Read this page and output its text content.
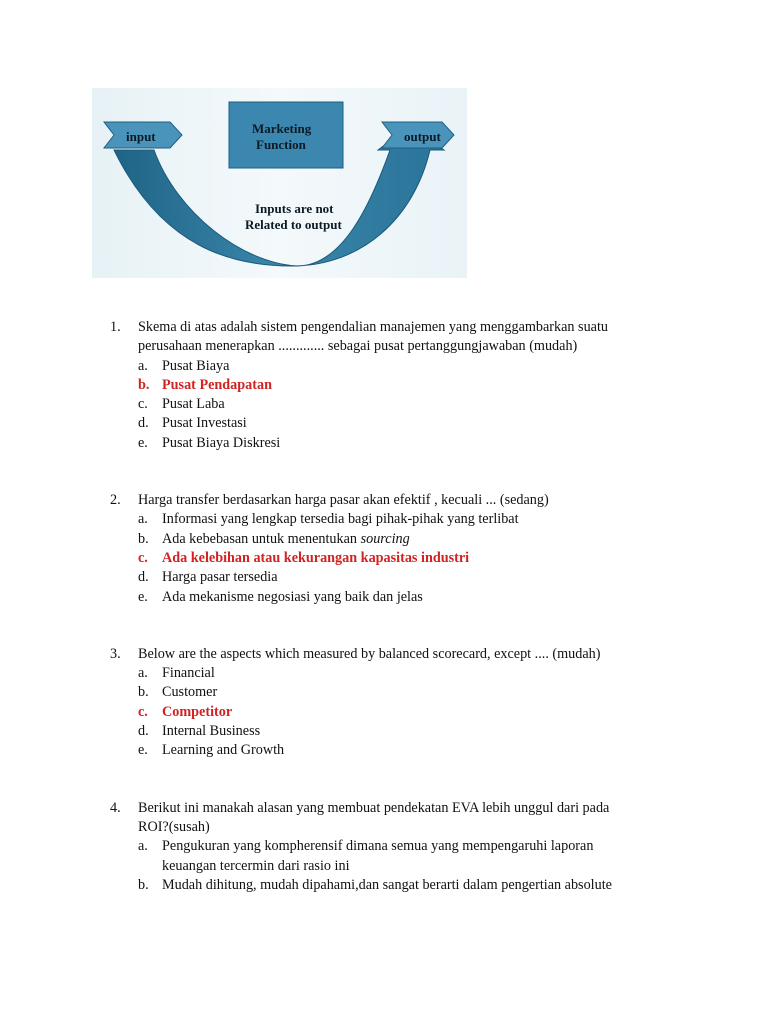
input	output
Marketing
Function
Inputs are not
Related to output
1.	Skema di atas adalah sistem pengendalian manajemen yang menggambarkan suatu
perusahaan menerapkan ............. sebagai pusat pertanggungjawaban (mudah)
a. Pusat Biaya
b. Pusat Pendapatan
c. Pusat Laba
d. Pusat Investasi
e. Pusat Biaya Diskresi
2.	Harga transfer berdasarkan harga pasar akan efektif , kecuali ... (sedang)
a. Informasi yang lengkap tersedia bagi pihak-pihak yang terlibat
b. Ada kebebasan untuk menentukan sourcing
c. Ada kelebihan atau kekurangan kapasitas industri
d. Harga pasar tersedia
e. Ada mekanisme negosiasi yang baik dan jelas
3.	Below are the aspects which measured by balanced scorecard, except .... (mudah)
a. Financial
b. Customer
c. Competitor
d. Internal Business
e. Learning and Growth
4.	Berikut ini manakah alasan yang membuat pendekatan EVA lebih unggul dari pada
ROI?(susah)
a. Pengukuran yang kompherensif dimana semua yang mempengaruhi laporan
keuangan tercermin dari rasio ini
b. Mudah dihitung, mudah dipahami,dan sangat berarti dalam pengertian absolute
